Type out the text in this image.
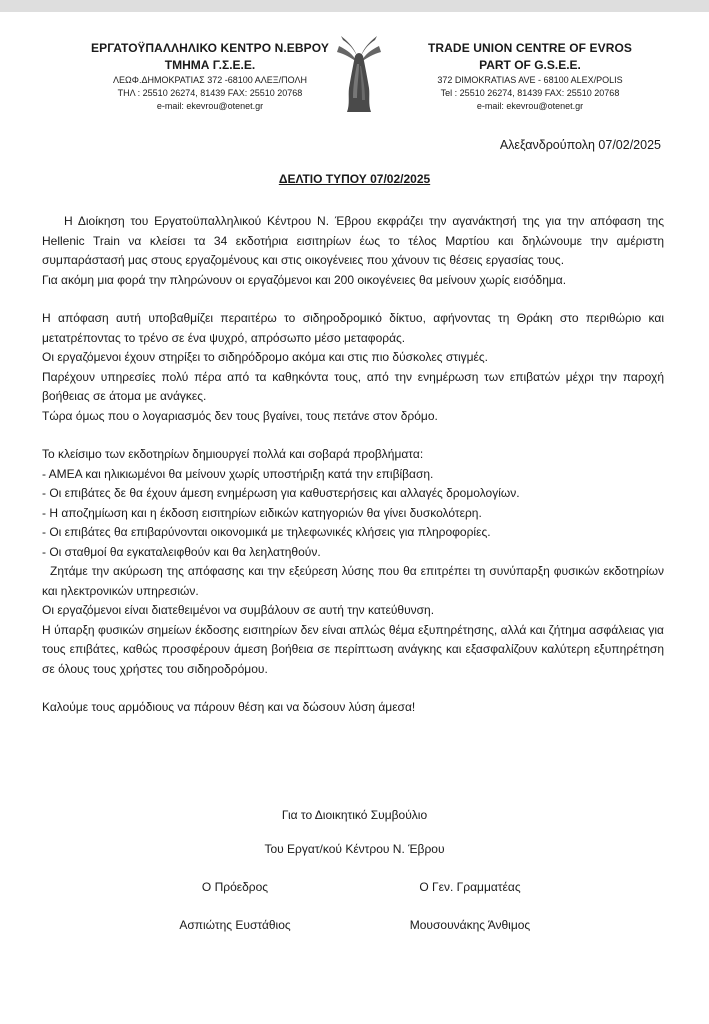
ΕΡΓΑΤΟΫΠΑΛΛΗΛΙΚΟ ΚΕΝΤΡΟ Ν.ΕΒΡΟΥ
ΤΜΗΜΑ Γ.Σ.Ε.Ε.
ΛΕΩΦ.ΔΗΜΟΚΡΑΤΙΑΣ 372 -68100 ΑΛΕΞ/ΠΟΛΗ
ΤΗΛ : 25510 26274, 81439 FAX: 25510 20768
e-mail: ekevrou@otenet.gr
TRADE UNION CENTRE OF EVROS
PART OF G.S.E.E.
372 DIMOKRATIAS AVE - 68100 ALEX/POLIS
Tel : 25510 26274, 81439 FAX: 25510 20768
e-mail: ekevrou@otenet.gr
Αλεξανδρούπολη 07/02/2025
ΔΕΛΤΙΟ ΤΥΠΟΥ 07/02/2025

Η Διοίκηση του Εργατοϋπαλληλικού Κέντρου Ν. Έβρου εκφράζει την αγανάκτησή της για την απόφαση της Hellenic Train να κλείσει τα 34 εκδοτήρια εισιτηρίων έως το τέλος Μαρτίου και δηλώνουμε την αμέριστη συμπαράστασή μας στους εργαζομένους και στις οικογένειες που χάνουν τις θέσεις εργασίας τους.

Για ακόμη μια φορά την πληρώνουν οι εργαζόμενοι και 200 οικογένειες θα μείνουν χωρίς εισόδημα.

Η απόφαση αυτή υποβαθμίζει περαιτέρω το σιδηροδρομικό δίκτυο, αφήνοντας τη Θράκη στο περιθώριο και μετατρέποντας το τρένο σε ένα ψυχρό, απρόσωπο μέσο μεταφοράς.

Οι εργαζόμενοι έχουν στηρίξει το σιδηρόδρομο ακόμα και στις πιο δύσκολες στιγμές.

Παρέχουν υπηρεσίες πολύ πέρα από τα καθηκόντα τους, από την ενημέρωση των επιβατών μέχρι την παροχή βοήθειας σε άτομα με ανάγκες.

Τώρα όμως που ο λογαριασμός δεν τους βγαίνει, τους πετάνε στον δρόμο.

Το κλείσιμο των εκδοτηρίων δημιουργεί πολλά και σοβαρά προβλήματα:

- ΑΜΕΑ και ηλικιωμένοι θα μείνουν χωρίς υποστήριξη κατά την επιβίβαση.

- Οι επιβάτες δε θα έχουν άμεση ενημέρωση για καθυστερήσεις και αλλαγές δρομολογίων.

- Η αποζημίωση και η έκδοση εισιτηρίων ειδικών κατηγοριών θα γίνει δυσκολότερη.

- Οι επιβάτες θα επιβαρύνονται οικονομικά με τηλεφωνικές κλήσεις για πληροφορίες.

- Οι σταθμοί θα εγκαταλειφθούν και θα λεηλατηθούν.

Ζητάμε την ακύρωση της απόφασης και την εξεύρεση λύσης που θα επιτρέπει τη συνύπαρξη φυσικών εκδοτηρίων και ηλεκτρονικών υπηρεσιών.

Οι εργαζόμενοι είναι διατεθειμένοι να συμβάλουν σε αυτή την κατεύθυνση.

Η ύπαρξη φυσικών σημείων έκδοσης εισιτηρίων δεν είναι απλώς θέμα εξυπηρέτησης, αλλά και ζήτημα ασφάλειας για τους επιβάτες, καθώς προσφέρουν άμεση βοήθεια σε περίπτωση ανάγκης και εξασφαλίζουν καλύτερη εξυπηρέτηση σε όλους τους χρήστες του σιδηροδρόμου.

Καλούμε τους αρμόδιους να πάρουν θέση και να δώσουν λύση άμεσα!

Για το Διοικητικό Συμβούλιο
Του Εργατ/κού Κέντρου Ν. Έβρου
Ο Πρόεδρος	Ο Γεν. Γραμματέας
Ασπιώτης Ευστάθιος	Μουσουνάκης Άνθιμος
